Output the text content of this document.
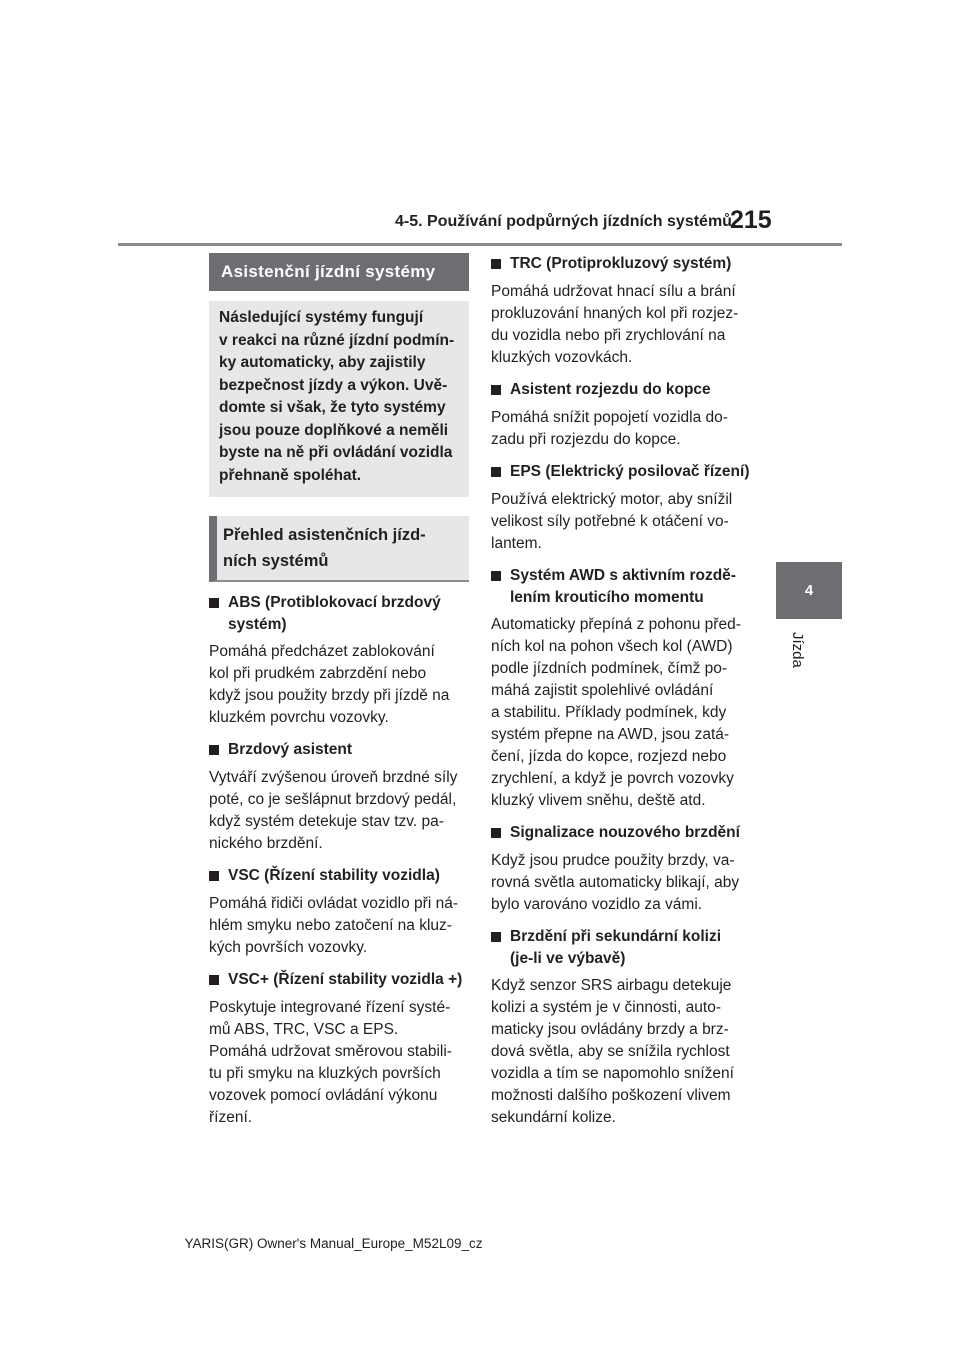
4-5. Používání podpůrných jízdních systémů
215
4
Jízda
Asistenční jízdní systémy
Následující systémy fungují
v reakci na různé jízdní podmín-
ky automaticky, aby zajistily
bezpečnost jízdy a výkon. Uvě-
domte si však, že tyto systémy
jsou pouze doplňkové a neměli
byste na ně při ovládání vozidla
přehnaně spoléhat.
Přehled asistenčních jízd-
ních systémů
ABS (Protiblokovací brzdový
systém)
Pomáhá předcházet zablokování
kol při prudkém zabrzdění nebo
když jsou použity brzdy při jízdě na
kluzkém povrchu vozovky.
Brzdový asistent
Vytváří zvýšenou úroveň brzdné síly
poté, co je sešlápnut brzdový pedál,
když systém detekuje stav tzv. pa-
nického brzdění.
VSC (Řízení stability vozidla)
Pomáhá řidiči ovládat vozidlo při ná-
hlém smyku nebo zatočení na kluz-
kých površích vozovky.
VSC+ (Řízení stability vozidla +)
Poskytuje integrované řízení systé-
mů ABS, TRC, VSC a EPS.
Pomáhá udržovat směrovou stabili-
tu při smyku na kluzkých površích
vozovek pomocí ovládání výkonu
řízení.
TRC (Protiprokluzový systém)
Pomáhá udržovat hnací sílu a brání
prokluzování hnaných kol při rozjez-
du vozidla nebo při zrychlování na
kluzkých vozovkách.
Asistent rozjezdu do kopce
Pomáhá snížit popojetí vozidla do-
zadu při rozjezdu do kopce.
EPS (Elektrický posilovač řízení)
Používá elektrický motor, aby snížil
velikost síly potřebné k otáčení vo-
lantem.
Systém AWD s aktivním rozdě-
lením krouticího momentu
Automaticky přepíná z pohonu před-
ních kol na pohon všech kol (AWD)
podle jízdních podmínek, čímž po-
máhá zajistit spolehlivé ovládání
a stabilitu. Příklady podmínek, kdy
systém přepne na AWD, jsou zatá-
čení, jízda do kopce, rozjezd nebo
zrychlení, a když je povrch vozovky
kluzký vlivem sněhu, deště atd.
Signalizace nouzového brzdění
Když jsou prudce použity brzdy, va-
rovná světla automaticky blikají, aby
bylo varováno vozidlo za vámi.
Brzdění při sekundární kolizi
(je-li ve výbavě)
Když senzor SRS airbagu detekuje
kolizi a systém je v činnosti, auto-
maticky jsou ovládány brzdy a brz-
dová světla, aby se snížila rychlost
vozidla a tím se napomohlo snížení
možnosti dalšího poškození vlivem
sekundární kolize.
YARIS(GR) Owner's Manual_Europe_M52L09_cz
